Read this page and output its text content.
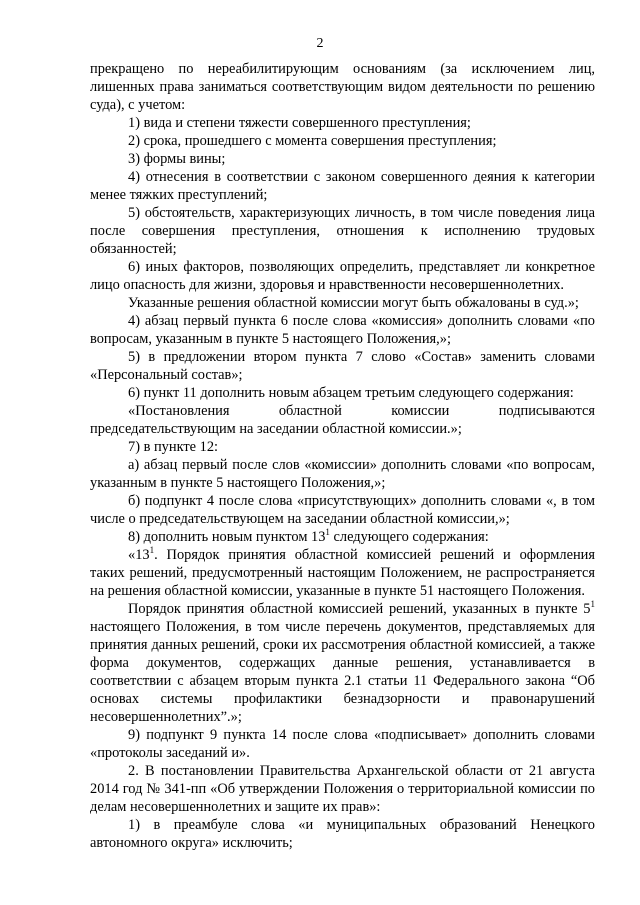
2

прекращено по нереабилитирующим основаниям (за исключением лиц, лишенных права заниматься соответствующим видом деятельности по решению суда), с учетом:

1) вида и степени тяжести совершенного преступления;

2) срока, прошедшего с момента совершения преступления;

3) формы вины;

4) отнесения в соответствии с законом совершенного деяния к категории менее тяжких преступлений;

5) обстоятельств, характеризующих личность, в том числе поведения лица после совершения преступления, отношения к исполнению трудовых обязанностей;

6) иных факторов, позволяющих определить, представляет ли конкретное лицо опасность для жизни, здоровья и нравственности несовершеннолетних.

Указанные решения областной комиссии могут быть обжалованы в суд.»;

4) абзац первый пункта 6 после слова «комиссия» дополнить словами «по вопросам, указанным в пункте 5 настоящего Положения,»;

5) в предложении втором пункта 7 слово «Состав» заменить словами «Персональный состав»;

6) пункт 11 дополнить новым абзацем третьим следующего содержания:

«Постановления областной комиссии подписываются председательствующим на заседании областной комиссии.»;

7) в пункте 12:

а) абзац первый после слов «комиссии» дополнить словами «по вопросам, указанным в пункте 5 настоящего Положения,»;

б) подпункт 4 после слова «присутствующих» дополнить словами «, в том числе о председательствующем на заседании областной комиссии,»;

8) дополнить новым пунктом $13^1$ следующего содержания:

«$13^1$. Порядок принятия областной комиссией решений и оформления таких решений, предусмотренный настоящим Положением, не распространяется на решения областной комиссии, указанные в пункте 51 настоящего Положения.

Порядок принятия областной комиссией решений, указанных в пункте $5^1$ настоящего Положения, в том числе перечень документов, представляемых для принятия данных решений, сроки их рассмотрения областной комиссией, а также форма документов, содержащих данные решения, устанавливается в соответствии с абзацем вторым пункта 2.1 статьи 11 Федерального закона “Об основах системы профилактики безнадзорности и правонарушений несовершеннолетних”.»;

9) подпункт 9 пункта 14 после слова «подписывает» дополнить словами «протоколы заседаний и».

2. В постановлении Правительства Архангельской области от 21 августа 2014 год № 341-пп «Об утверждении Положения о территориальной комиссии по делам несовершеннолетних и защите их прав»:

1) в преамбуле слова «и муниципальных образований Ненецкого автономного округа» исключить;
